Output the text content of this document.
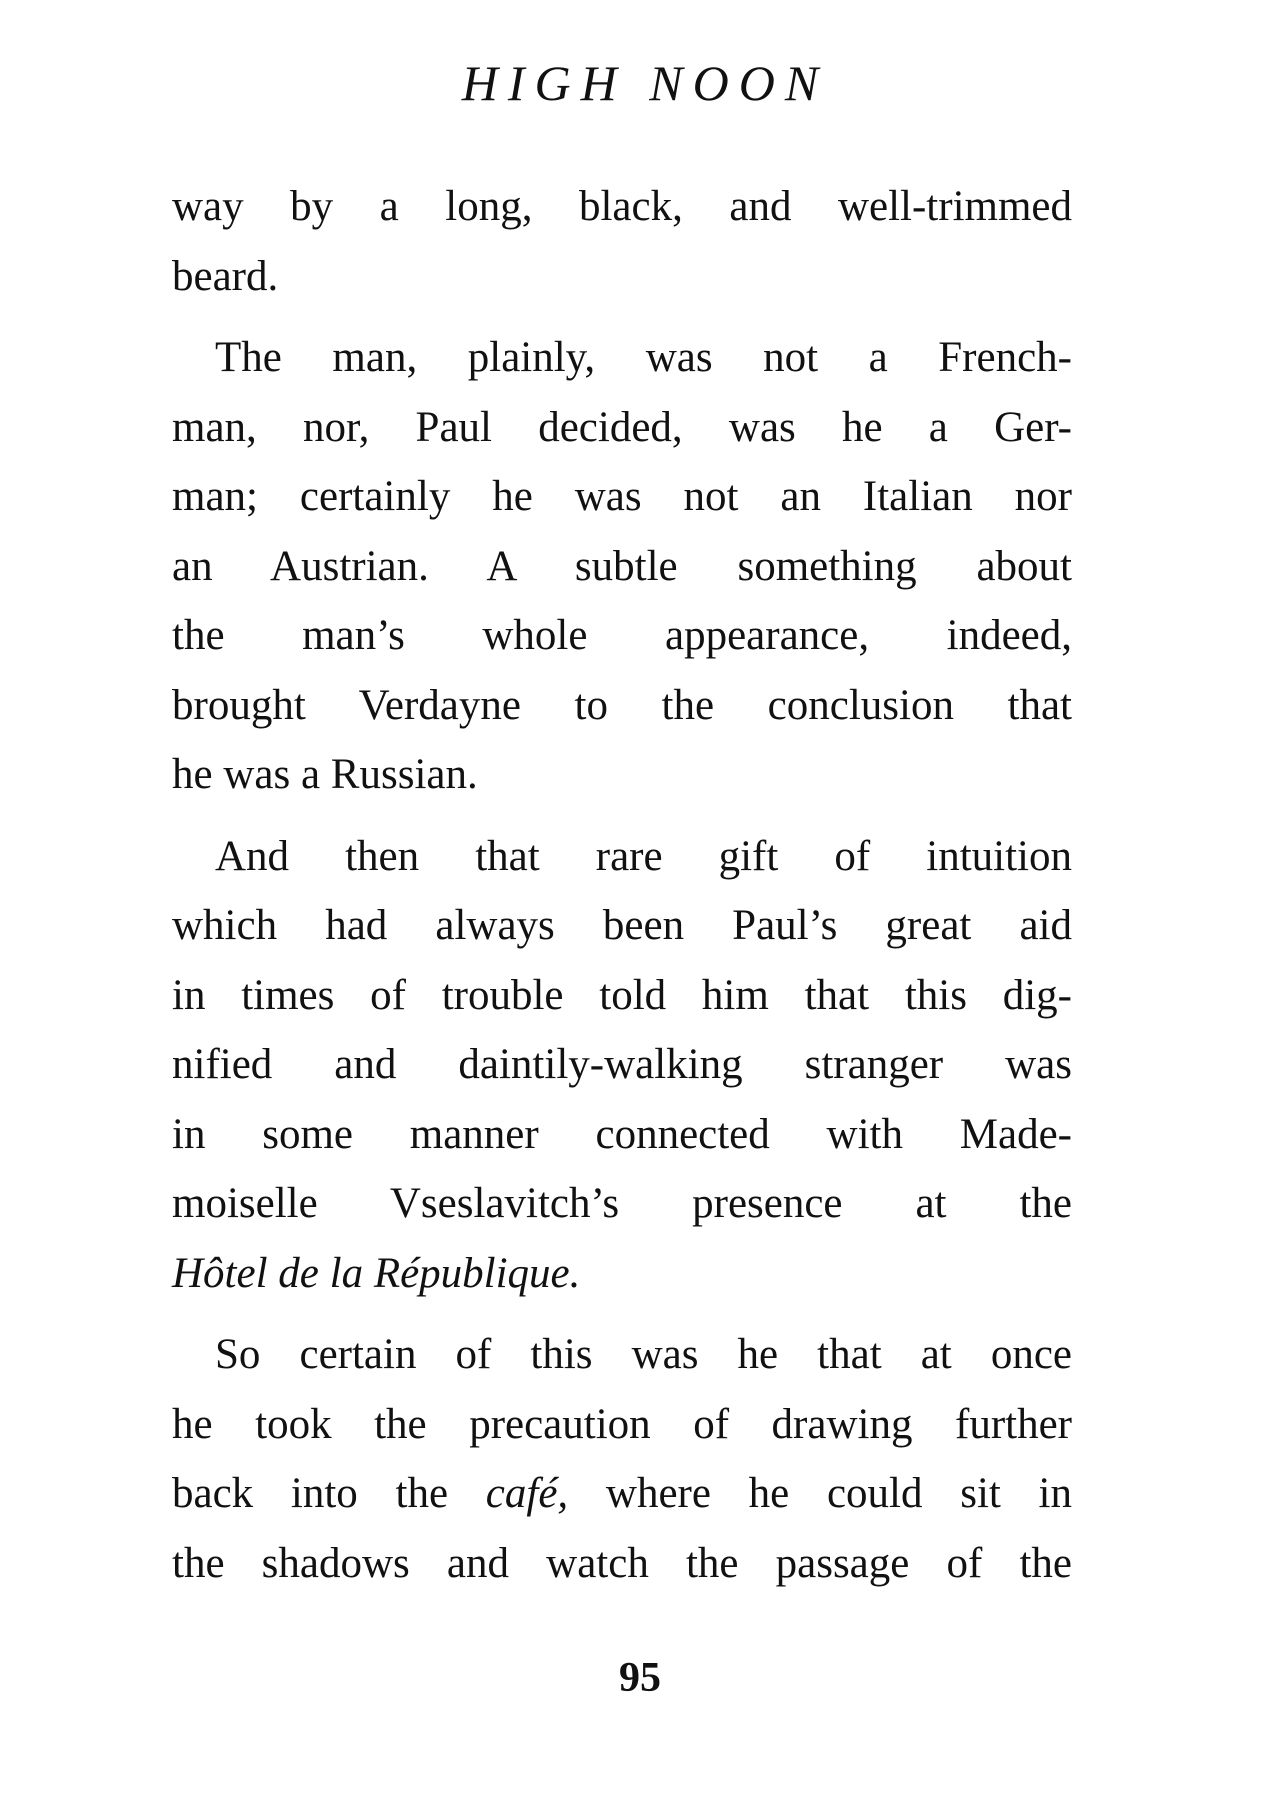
HIGH NOON

way by a long, black, and well-trimmed
beard.

The man, plainly, was not a French-
man, nor, Paul decided, was he a Ger-
man; certainly he was not an Italian nor
an Austrian. A subtle something about
the man’s whole appearance, indeed,
brought Verdayne to the conclusion that
he was a Russian.

And then that rare gift of intuition
which had always been Paul’s great aid
in times of trouble told him that this dig-
nified and daintily-walking stranger was
in some manner connected with Made-
moiselle Vseslavitch’s presence at the
Hôtel de la République.

So certain of this was he that at once
he took the precaution of drawing further
back into the café, where he could sit in
the shadows and watch the passage of the

95
